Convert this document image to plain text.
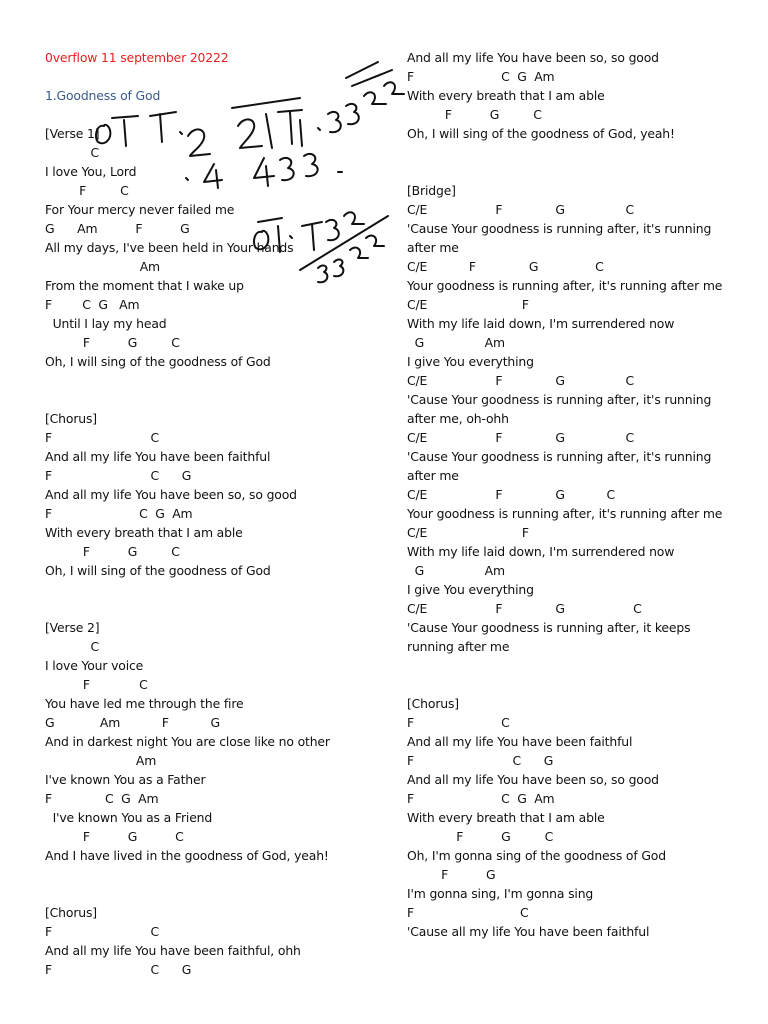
0verflow 11 september 20222
1.Goodness of God
[Verse 1]
C
I love You, Lord
F         C
For Your mercy never failed me
G      Am          F          G
All my days, I've been held in Your hands
Am
From the moment that I wake up
F        C  G   Am
Until I lay my head
F          G         C
Oh, I will sing of the goodness of God
[Chorus]
F                          C
And all my life You have been faithful
F                          C      G
And all my life You have been so, so good
F                       C  G  Am
With every breath that I am able
F          G         C
Oh, I will sing of the goodness of God
[Verse 2]
C
I love Your voice
F             C
You have led me through the fire
G            Am           F           G
And in darkest night You are close like no other
Am
I've known You as a Father
F              C  G  Am
I've known You as a Friend
F          G          C
And I have lived in the goodness of God, yeah!
[Chorus]
F                          C
And all my life You have been faithful, ohh
F                          C      G
And all my life You have been so, so good
F                       C  G  Am
With every breath that I am able
F          G         C
Oh, I will sing of the goodness of God, yeah!
[Bridge]
C/E                  F              G                C
'Cause Your goodness is running after, it's running after me
C/E           F              G               C
Your goodness is running after, it's running after me
C/E                         F
With my life laid down, I'm surrendered now
G                Am
I give You everything
C/E                  F              G                C
'Cause Your goodness is running after, it's running after me, oh-ohh
C/E                  F              G                C
'Cause Your goodness is running after, it's running after me
C/E                  F              G           C
Your goodness is running after, it's running after me
C/E                         F
With my life laid down, I'm surrendered now
G                Am
I give You everything
C/E                  F              G                  C
'Cause Your goodness is running after, it keeps running after me
[Chorus]
F                       C
And all my life You have been faithful
F                          C      G
And all my life You have been so, so good
F                       C  G  Am
With every breath that I am able
F          G         C
Oh, I'm gonna sing of the goodness of God
F          G
I'm gonna sing, I'm gonna sing
F                            C
'Cause all my life You have been faithful
